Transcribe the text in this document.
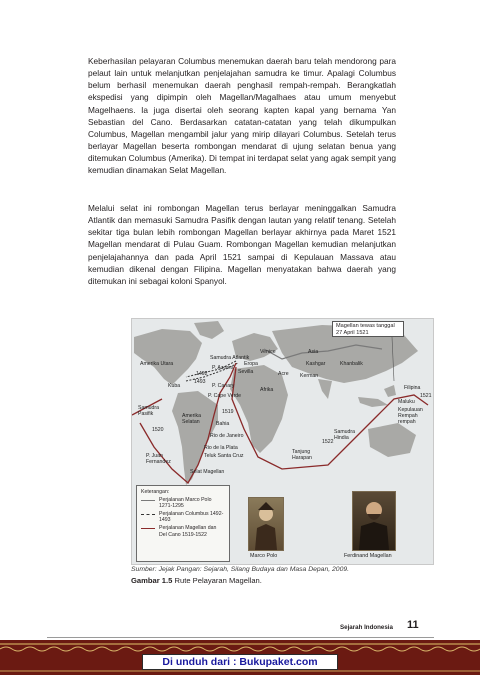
Keberhasilan pelayaran Columbus menemukan daerah baru telah mendorong para pelaut lain untuk melanjutkan penjelajahan samudra ke timur. Apalagi Columbus belum berhasil menemukan daerah penghasil rempah-rempah. Berangkatlah ekspedisi yang dipimpin oleh Magellan/Magalhaes atau umum menyebut Magelhaens. Ia juga disertai oleh seorang kapten kapal yang bernama Yan Sebastian del Cano. Berdasarkan catatan-catatan yang telah dikumpulkan Columbus, Magellan mengambil jalur yang mirip dilayari Columbus. Setelah terus berlayar Magellan beserta rombongan mendarat di ujung selatan benua yang ditemukan Columbus (Amerika). Di tempat ini terdapat selat yang agak sempit yang kemudian dinamakan Selat Magellan.

Melalui selat ini rombongan Magellan terus berlayar meninggalkan Samudra Atlantik dan memasuki Samudra Pasifik dengan lautan yang relatif tenang. Setelah sekitar tiga bulan lebih rombongan Magellan berlayar akhirnya pada Maret 1521 Magellan mendarat di Pulau Guam. Rombongan Magellan kemudian melanjutkan penjelajahannya dan pada April 1521 sampai di Kepulauan Massava atau kemudian dikenal dengan Filipina. Magellan menyatakan bahwa daerah yang ditemukan ini sebagai koloni Spanyol.

Magellan tewas tanggal 27 April 1521
Amerika Utara
Samudra Atlantik
Venice
Eropa
Asia
Kashgar	Khanbalik
P. Azores
Sevilla	Acre Kerman
Kuba	P. Canary
Afrika	Filipina
P. Cape Verde
Maluku
Kepulauan Rempah rempah
Samudra Pasifik	Amerika Selatan	Bahia
Samudra Hindia
Rio de Janeiro
Rio de la Plata
Teluk Santa Cruz
Tanjung Harapan
P. Juan Fernandez
Selat Magellan
1492
1493
1519
1520
1521
1522
Keterangan:
Perjalanan Marco Polo 1271-1295
Perjalanan Columbus 1492-1493
Perjalanan Magellan dan Del Cano 1519-1522
Marco Polo	Ferdinand Magellan
Sumber: Jejak Pangan: Sejarah, Silang Budaya dan Masa Depan, 2009.
Gambar 1.5 Rute Pelayaran Magellan.
Sejarah Indonesia 11
Di unduh dari : Bukupaket.com
